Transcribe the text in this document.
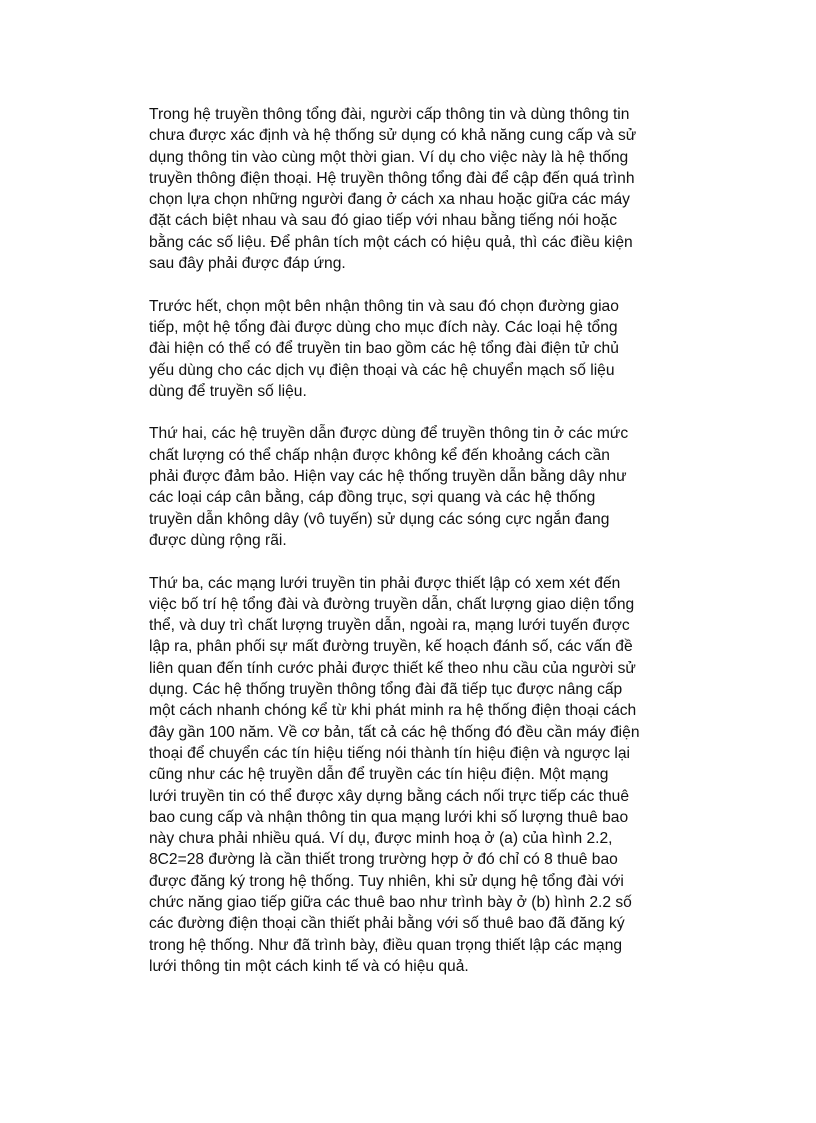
Trong hệ truyền thông tổng đài, người cấp thông tin và dùng thông tin
chưa được xác định và hệ thống sử dụng có khả năng cung cấp và sử
dụng thông tin vào cùng một thời gian. Ví dụ cho việc này là hệ thống
truyền thông điện thoại. Hệ truyền thông tổng đài để cập đến quá trình
chọn lựa chọn những người đang ở cách xa nhau hoặc giữa các máy
đặt cách biệt nhau và sau đó giao tiếp với nhau bằng tiếng nói hoặc
bằng các số liệu. Để phân tích một cách có hiệu quả, thì các điều kiện
sau đây phải được đáp ứng.

Trước hết, chọn một bên nhận thông tin và sau đó chọn đường giao
tiếp, một hệ tổng đài được dùng cho mục đích này. Các loại hệ tổng
đài hiện có thể có để truyền tin bao gồm các hệ tổng đài điện tử chủ
yếu dùng cho các dịch vụ điện thoại và các hệ chuyển mạch số liệu
dùng để truyền số liệu.

Thứ hai, các hệ truyền dẫn được dùng để truyền thông tin ở các mức
chất lượng có thể chấp nhận được không kể đến khoảng cách cần
phải được đảm bảo. Hiện vay các hệ thống truyền dẫn bằng dây như
các loại cáp cân bằng, cáp đồng trục, sợi quang và các hệ thống
truyền dẫn không dây (vô tuyến) sử dụng các sóng cực ngắn đang
được dùng rộng rãi.

Thứ ba, các mạng lưới truyền tin phải được thiết lập có xem xét đến
việc bố trí hệ tổng đài và đường truyền dẫn, chất lượng giao diện tổng
thể, và duy trì chất lượng truyền dẫn, ngoài ra, mạng lưới tuyến được
lập ra, phân phối sự mất đường truyền, kế hoạch đánh số, các vấn đề
liên quan đến tính cước phải được thiết kế theo nhu cầu của người sử
dụng. Các hệ thống truyền thông tổng đài đã tiếp tục được nâng cấp
một cách nhanh chóng kể từ khi phát minh ra hệ thống điện thoại cách
đây gần 100 năm. Về cơ bản, tất cả các hệ thống đó đều cần máy điện
thoại để chuyển các tín hiệu tiếng nói thành tín hiệu điện và ngược lại
cũng như các hệ truyền dẫn để truyền các tín hiệu điện. Một mạng
lưới truyền tin có thể được xây dựng bằng cách nối trực tiếp các thuê
bao cung cấp và nhận thông tin qua mạng lưới khi số lượng thuê bao
này chưa phải nhiều quá. Ví dụ, được minh hoạ ở (a) của hình 2.2,
8C2=28 đường là cần thiết trong trường hợp ở đó chỉ có 8 thuê bao
được đăng ký trong hệ thống. Tuy nhiên, khi sử dụng hệ tổng đài với
chức năng giao tiếp giữa các thuê bao như trình bày ở (b) hình 2.2 số
các đường điện thoại cần thiết phải bằng với số thuê bao đã đăng ký
trong hệ thống. Như đã trình bày, điều quan trọng thiết lập các mạng
lưới thông tin một cách kinh tế và có hiệu quả.
